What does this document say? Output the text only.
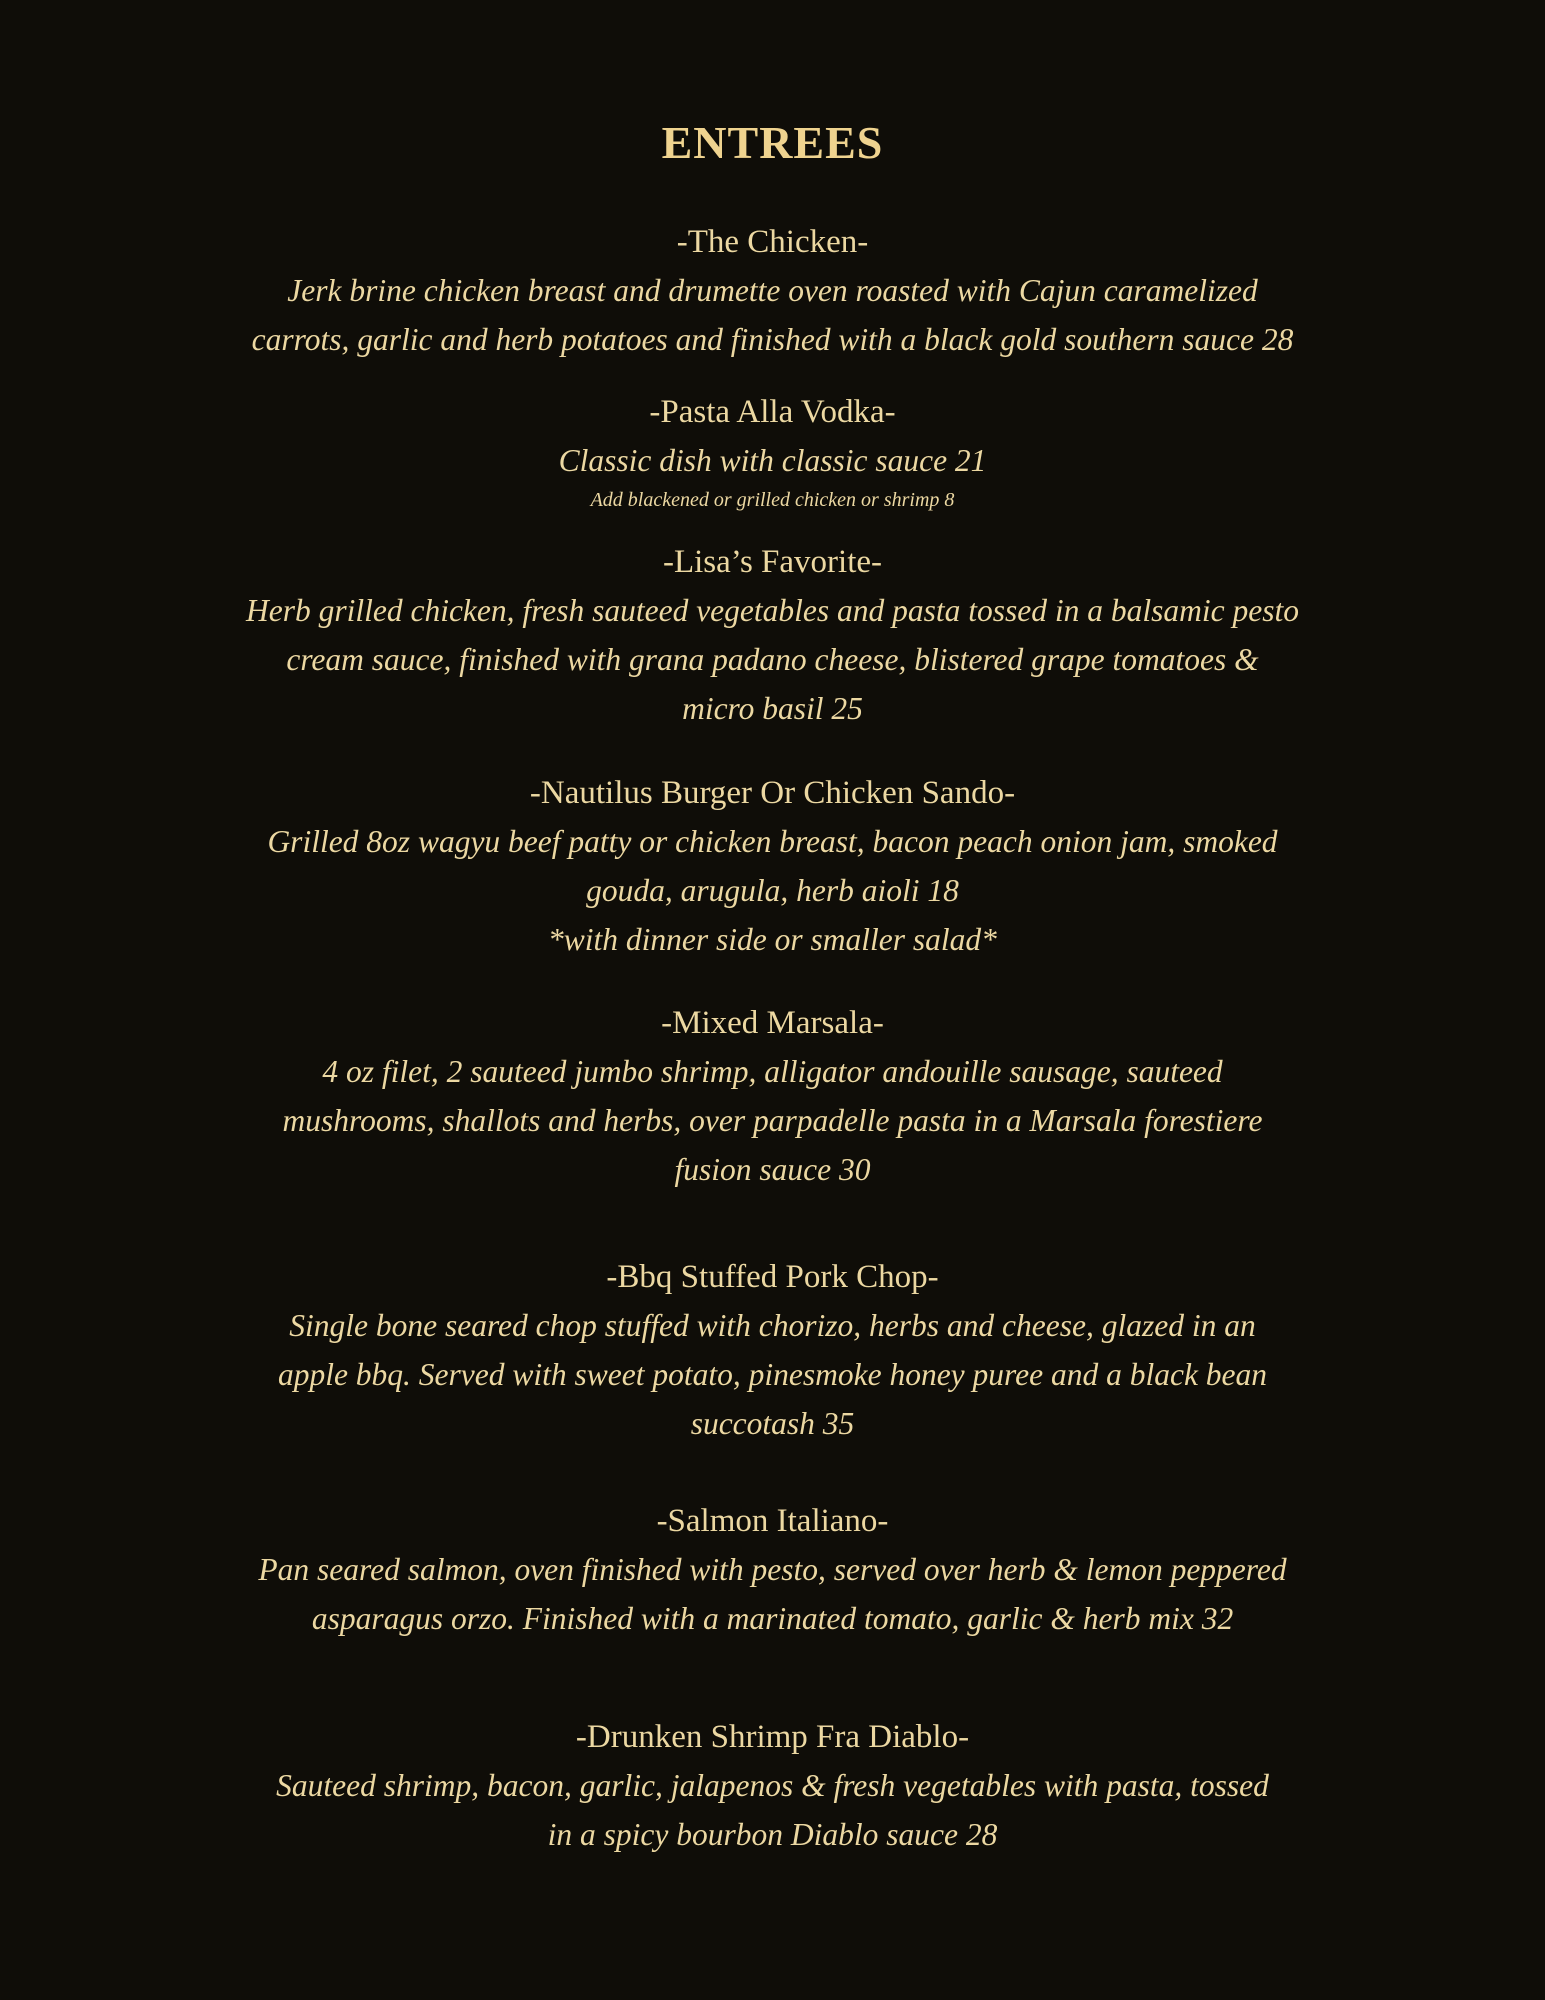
ENTREES
-The Chicken-
Jerk brine chicken breast and drumette oven roasted with Cajun caramelized
carrots, garlic and herb potatoes and finished with a black gold southern sauce 28
-Pasta Alla Vodka-
Classic dish with classic sauce 21
Add blackened or grilled chicken or shrimp 8
-Lisa’s Favorite-
Herb grilled chicken, fresh sauteed vegetables and pasta tossed in a balsamic pesto
cream sauce, finished with grana padano cheese, blistered grape tomatoes &
micro basil 25
-Nautilus Burger Or Chicken Sando-
Grilled 8oz wagyu beef patty or chicken breast, bacon peach onion jam, smoked
gouda, arugula, herb aioli 18
*with dinner side or smaller salad*
-Mixed Marsala-
4 oz filet, 2 sauteed jumbo shrimp, alligator andouille sausage, sauteed
mushrooms, shallots and herbs, over parpadelle pasta in a Marsala forestiere
fusion sauce 30
-Bbq Stuffed Pork Chop-
Single bone seared chop stuffed with chorizo, herbs and cheese, glazed in an
apple bbq. Served with sweet potato, pinesmoke honey puree and a black bean
succotash 35
-Salmon Italiano-
Pan seared salmon, oven finished with pesto, served over herb & lemon peppered
asparagus orzo. Finished with a marinated tomato, garlic & herb mix 32
-Drunken Shrimp Fra Diablo-
Sauteed shrimp, bacon, garlic, jalapenos & fresh vegetables with pasta, tossed
in a spicy bourbon Diablo sauce 28
